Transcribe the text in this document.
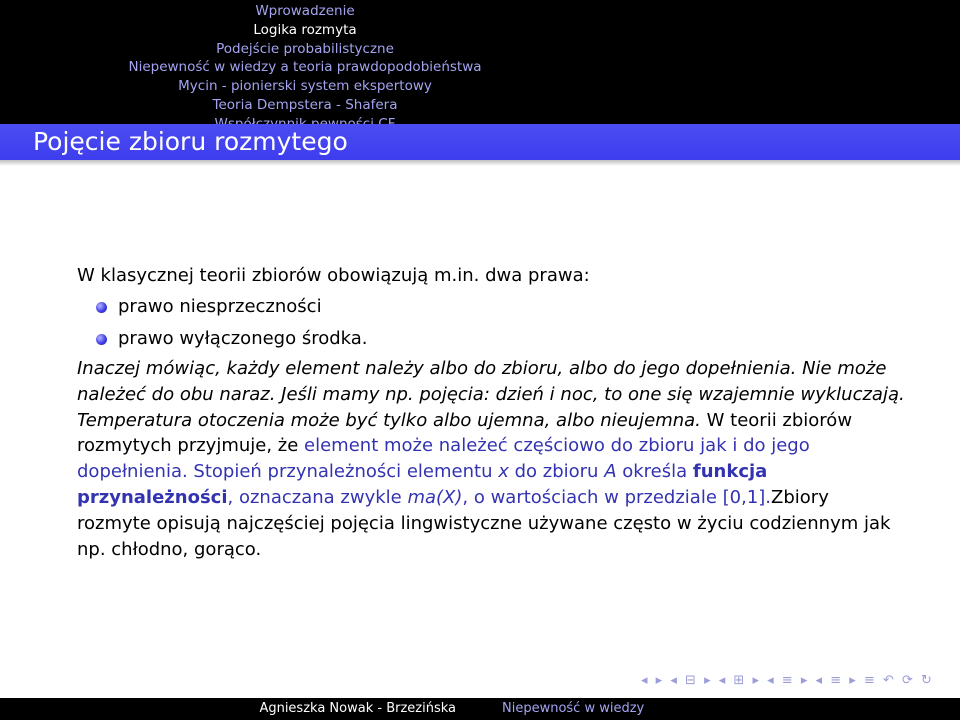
Wprowadzenie
Logika rozmyta
Podejście probabilistyczne
Niepewność w wiedzy a teoria prawdopodobieństwa
Mycin - pionierski system ekspertowy
Teoria Dempstera - Shafera
Pojęcie zbioru rozmytego

W klasycznej teorii zbiorów obowiązują m.in. dwa prawa:

prawo niesprzeczności
prawo wyłączonego środka.

Inaczej mówiąc, każdy element należy albo do zbioru, albo do jego dopełnienia. Nie może należeć do obu naraz. Jeśli mamy np. pojęcia: dzień i noc, to one się wzajemnie wykluczają. Temperatura otoczenia może być tylko albo ujemna, albo nieujemna. W teorii zbiorów rozmytych przyjmuje, że element może należeć częściowo do zbioru jak i do jego dopełnienia. Stopień przynależności elementu x do zbioru A określa funkcja przynależności, oznaczana zwykle ma(X), o wartościach w przedziale [0,1].Zbiory rozmyte opisują najczęściej pojęcia lingwistyczne używane często w życiu codziennym jak np. chłodno, gorąco.

◂ ▸ ◂ ⊟ ▸ ◂ ⊞ ▸ ◂ ≡ ▸ ◂ ≡ ▸ ≡ ↶ ⟳ ↻
Agnieszka Nowak - Brzezińska	Niepewność w wiedzy
